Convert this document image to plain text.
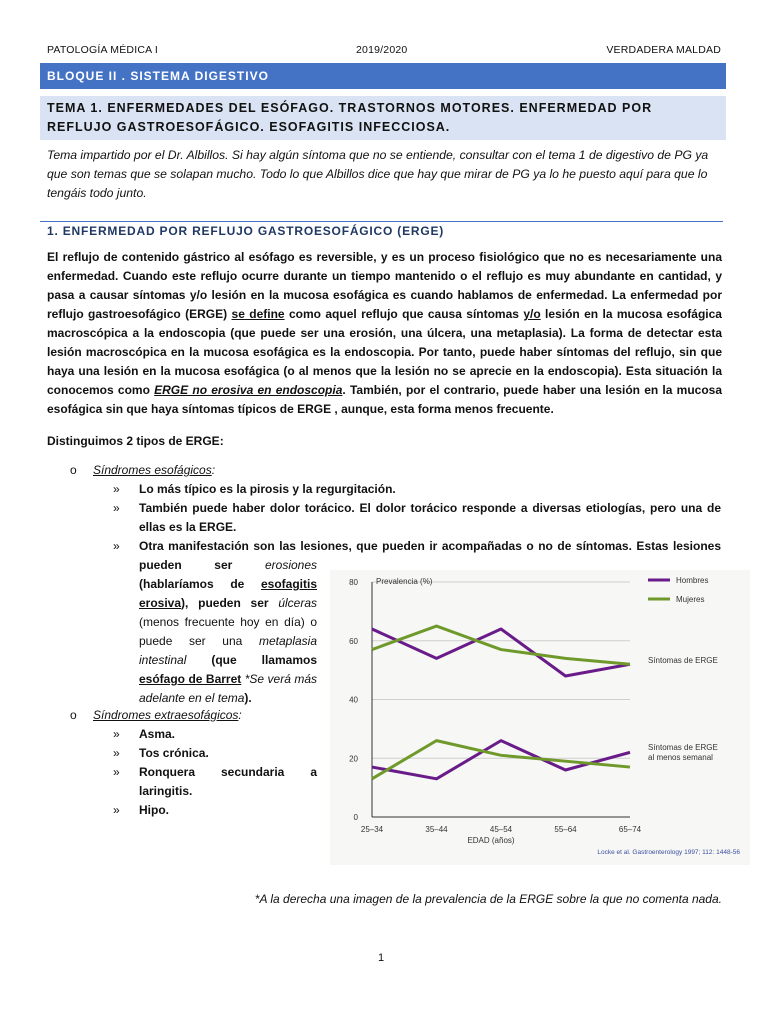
PATOLOGÍA MÉDICA I	2019/2020	VERDADERA MALDAD
BLOQUE II . SISTEMA DIGESTIVO
TEMA 1. ENFERMEDADES DEL ESÓFAGO. TRASTORNOS MOTORES. ENFERMEDAD POR REFLUJO GASTROESOFÁGICO. ESOFAGITIS INFECCIOSA.
Tema impartido por el Dr. Albillos. Si hay algún síntoma que no se entiende, consultar con el tema 1 de digestivo de PG ya que son temas que se solapan mucho. Todo lo que Albillos dice que hay que mirar de PG ya lo he puesto aquí para que lo tengáis todo junto.
1. ENFERMEDAD POR REFLUJO GASTROESOFÁGICO (ERGE)
El reflujo de contenido gástrico al esófago es reversible, y es un proceso fisiológico que no es necesariamente una enfermedad. Cuando este reflujo ocurre durante un tiempo mantenido o el reflujo es muy abundante en cantidad, y pasa a causar síntomas y/o lesión en la mucosa esofágica es cuando hablamos de enfermedad. La enfermedad por reflujo gastroesofágico (ERGE) se define como aquel reflujo que causa síntomas y/o lesión en la mucosa esofágica macroscópica a la endoscopia (que puede ser una erosión, una úlcera, una metaplasia). La forma de detectar esta lesión macroscópica en la mucosa esofágica es la endoscopia. Por tanto, puede haber síntomas del reflujo, sin que haya una lesión en la mucosa esofágica (o al menos que la lesión no se aprecie en la endoscopia). Esta situación la conocemos como ERGE no erosiva en endoscopia. También, por el contrario, puede haber una lesión en la mucosa esofágica sin que haya síntomas típicos de ERGE , aunque, esta forma menos frecuente.
Distinguimos 2 tipos de ERGE:
o Síndromes esofágicos:
» Lo más típico es la pirosis y la regurgitación.
» También puede haber dolor torácico. El dolor torácico responde a diversas etiologías, pero una de ellas es la ERGE.
» Otra manifestación son las lesiones, que pueden ir acompañadas o no de síntomas. Estas lesiones
pueden ser erosiones (hablaríamos de esofagitis erosiva), pueden ser úlceras (menos frecuente hoy en día) o puede ser una metaplasia intestinal (que llamamos esófago de Barret *Se verá más adelante en el tema).
o Síndromes extraesofágicos:
» Asma.
» Tos crónica.
» Ronquera secundaria a laringitis.
» Hipo.
0
20
40
60
80 Prevalencia (%)
25–34	35–44	45–54	55–64	65–74
EDAD (años)
Hombres
Mujeres
Síntomas de ERGE
Síntomas de ERGE
al menos semanal
Locke et al. Gastroenterology 1997; 112: 1448-56
*A la derecha una imagen de la prevalencia de la ERGE sobre la que no comenta nada.
1
